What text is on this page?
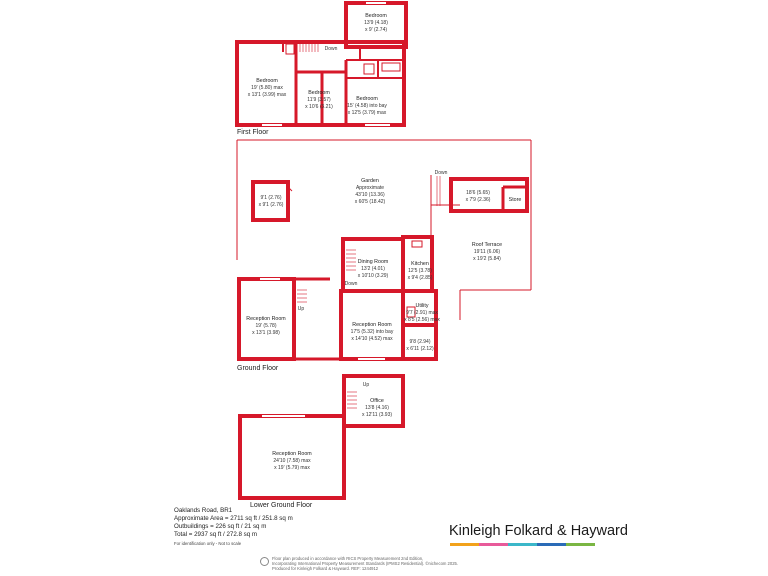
Bedroom
13'9 (4.18)
x 9' (2.74)
Bedroom
19' (5.80) max
x 13'1 (3.99) max	Bedroom
11'9 (3.57)
x 10'6 (3.21)
Bedroom
15' (4.58) into bay
x 12'5 (3.79) max
9'1 (2.76)
x 9'1 (2.76)
Garden
Approximate
43'10 (13.36)
x 60'5 (18.42)
18'6 (5.65)
x 7'9 (2.36)	Store
Dining Room
13'2 (4.01)
x 10'10 (3.29)
Kitchen
12'5 (3.78)
x 9'4 (2.85)
Roof Terrace
19'11 (6.06)
x 19'2 (5.84)
Reception Room
19' (5.78)
x 13'1 (3.98)
Reception Room
17'5 (5.32) into bay
x 14'10 (4.52) max
Utility
9'7 (2.91) max
x 8'5 (2.56) max
9'8 (2.94)
x 6'11 (2.12)
Office
13'8 (4.16)
x 12'11 (3.93)
Reception Room
24'10 (7.58) max
x 19' (5.79) max
Down
Down
Down
Up
Up
First Floor
Ground Floor
Lower Ground Floor
Oaklands Road, BR1
Approximate Area = 2711 sq ft / 251.8 sq m
Outbuildings = 226 sq ft / 21 sq m
Total = 2937 sq ft / 272.8 sq m
For identification only - Not to scale
Kinleigh Folkard & Hayward
Floor plan produced in accordance with RICS Property Measurement 2nd Edition,
Incorporating International Property Measurement Standards (IPMS2 Residential). ©nichecom 2025.
Produced for Kinleigh Folkard & Hayward. REF: 1244912
